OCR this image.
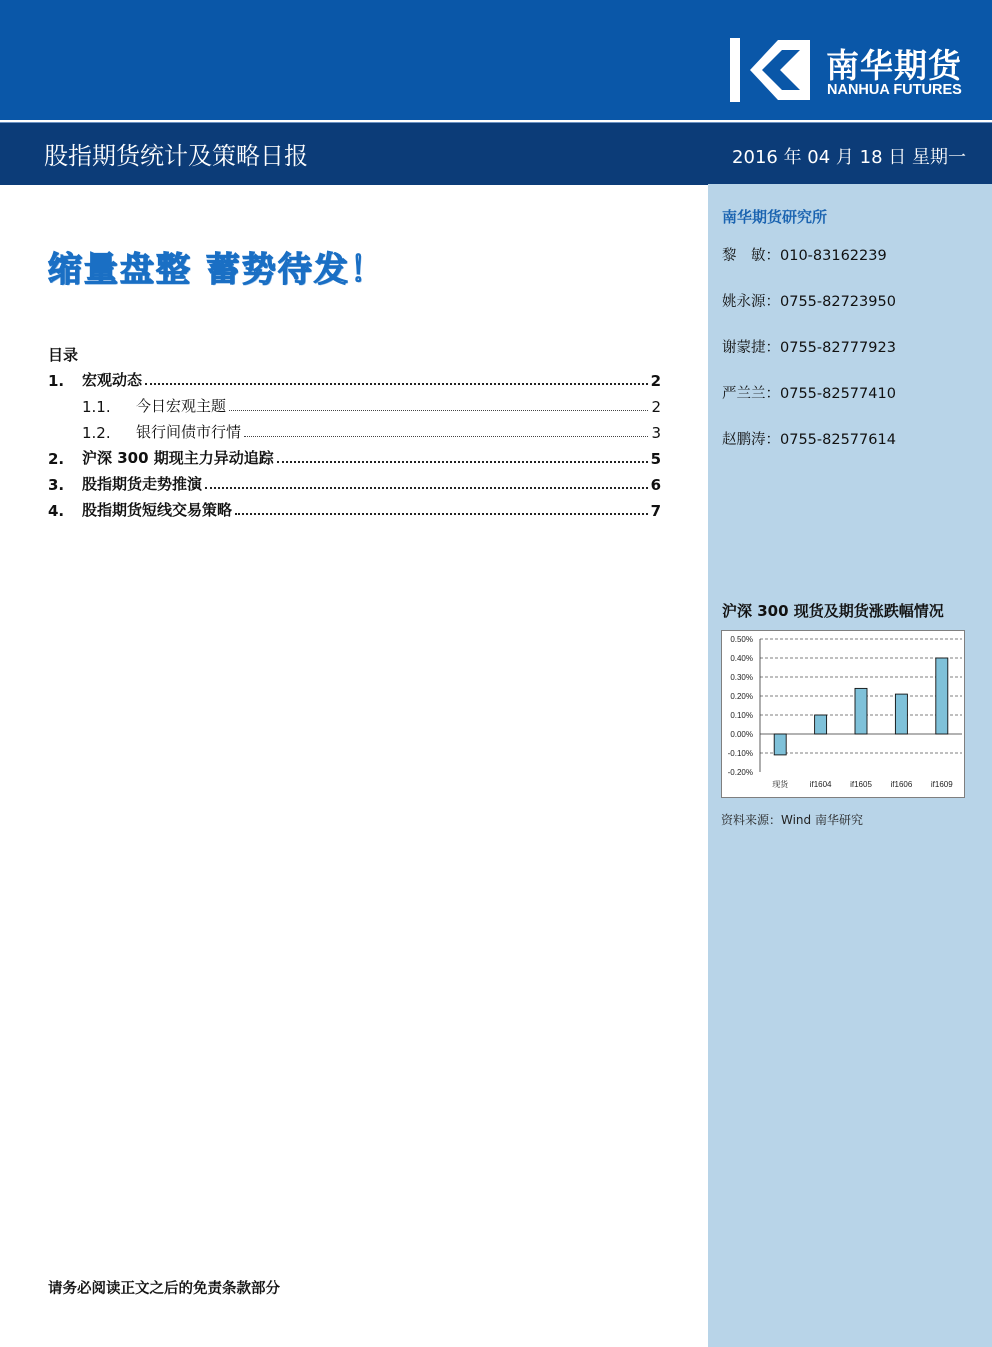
南华期货
NANHUA FUTURES
股指期货统计及策略日报	2016 年 04 月 18 日 星期一
缩量盘整 蓄势待发！
目录
1.	宏观动态	2
1.1.	今日宏观主题	2
1.2.	银行间债市行情	3
2.	沪深 300 期现主力异动追踪	5
3.	股指期货走势推演	6
4.	股指期货短线交易策略	7
南华期货研究所
黎　敏：010-83162239
姚永源：0755-82723950
谢蒙捷：0755-82777923
严兰兰：0755-82577410
赵鹏涛：0755-82577614
沪深 300 现货及期货涨跌幅情况
0.50%
0.40%
0.30%
0.20%
0.10%
0.00%
-0.10%
-0.20%
现货	if1604 if1605 if1606 if1609
资料来源：Wind 南华研究
请务必阅读正文之后的免责条款部分
